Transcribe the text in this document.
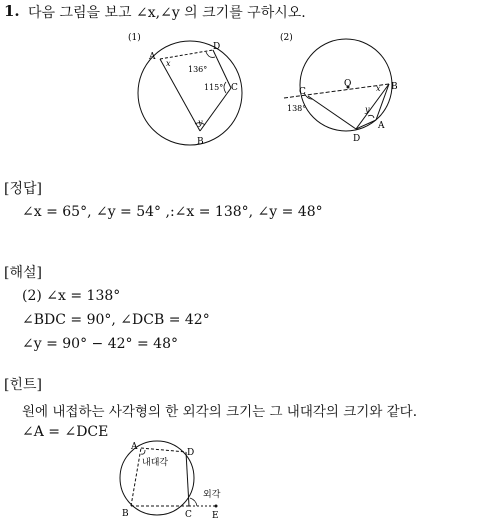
1. 다음 그림을 보고 ∠x,∠y 의 크기를 구하시오.
(1)
A
D
C
B
136°
115°
x
y
(2)
C
O	B
A
D
138°
x
y
[정답]
∠x = 65°, ∠y = 54° ,:∠x = 138°, ∠y = 48°
[해설]
(2) ∠x = 138°
∠BDC = 90°, ∠DCB = 42°
∠y = 90° − 42° = 48°
[힌트]
원에 내접하는 사각형의 한 외각의 크기는 그 내대각의 크기와 같다.
∠A = ∠DCE
A
D
B	C E
내대각
외각
